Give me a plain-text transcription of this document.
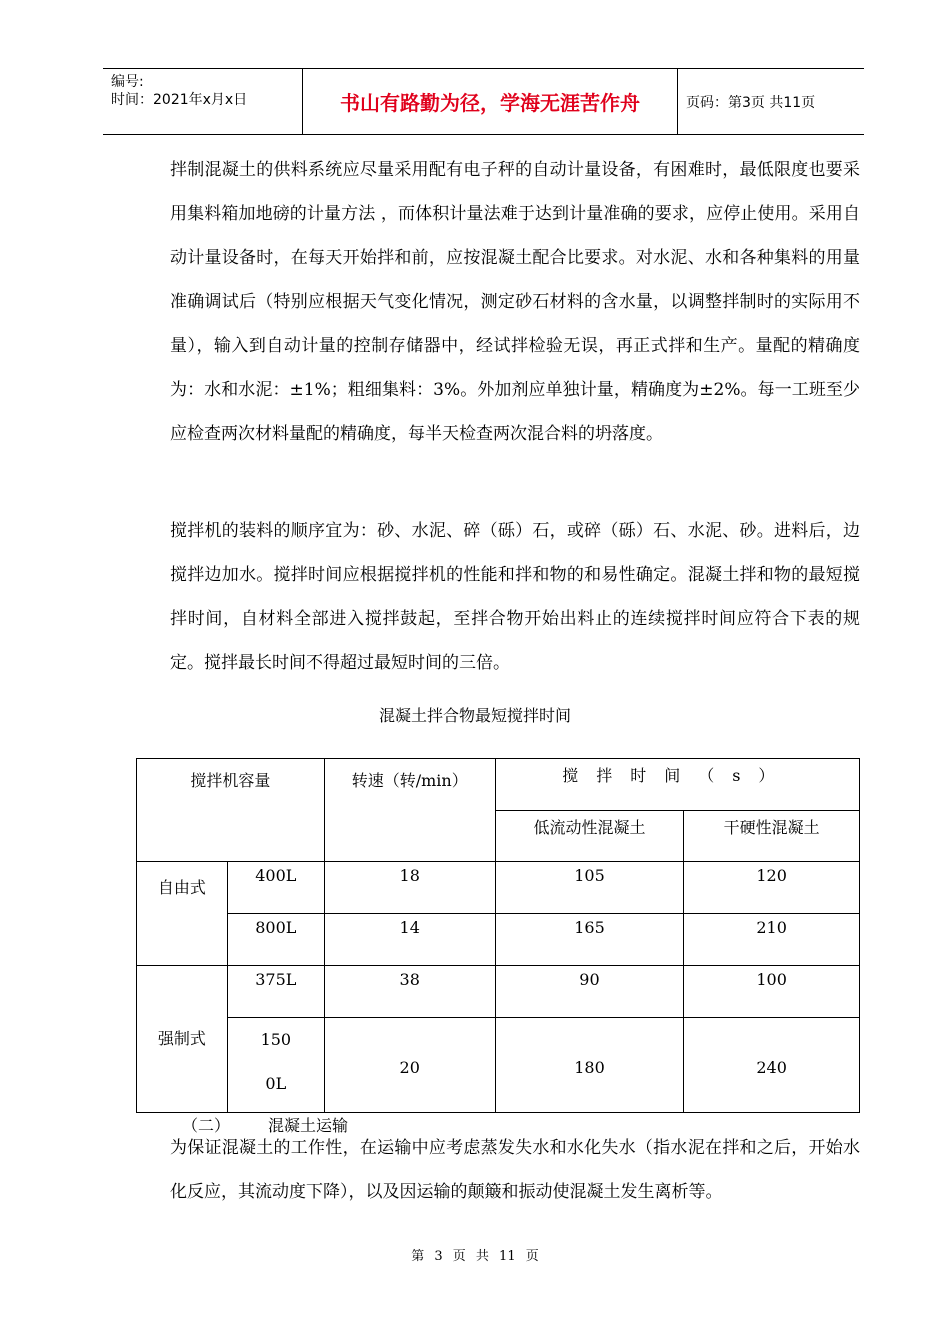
编号:
时间：2021年x月x日	书山有路勤为径，学海无涯苦作舟	页码：第3页 共11页

拌制混凝土的供料系统应尽量采用配有电子秤的自动计量设备，有困难时，最低限度也要采用集料箱加地磅的计量方法 ，而体积计量法难于达到计量准确的要求，应停止使用。采用自动计量设备时，在每天开始拌和前，应按混凝土配合比要求。对水泥、水和各种集料的用量准确调试后（特别应根据天气变化情况，测定砂石材料的含水量，以调整拌制时的实际用不量），输入到自动计量的控制存储器中，经试拌检验无误，再正式拌和生产。量配的精确度为：水和水泥：±1%；粗细集料：3%。外加剂应单独计量，精确度为±2%。每一工班至少应检查两次材料量配的精确度，每半天检查两次混合料的坍落度。

搅拌机的装料的顺序宜为：砂、水泥、碎（砾）石，或碎（砾）石、水泥、砂。进料后，边搅拌边加水。搅拌时间应根据搅拌机的性能和拌和物的和易性确定。混凝土拌和物的最短搅拌时间，自材料全部进入搅拌鼓起，至拌合物开始出料止的连续搅拌时间应符合下表的规定。搅拌最长时间不得超过最短时间的三倍。

混凝土拌合物最短搅拌时间

搅拌机容量		转速（转/min）	搅拌时间（s）	
			低流动性混凝土	干硬性混凝土
自由式	400L	18	105	120
	800L	14	165	210
强制式	375L	38	90	100
	1500L	20	180	240

（二） 混凝土运输

为保证混凝土的工作性，在运输中应考虑蒸发失水和水化失水（指水泥在拌和之后，开始水化反应，其流动度下降），以及因运输的颠簸和振动使混凝土发生离析等。

第 3 页 共 11 页
